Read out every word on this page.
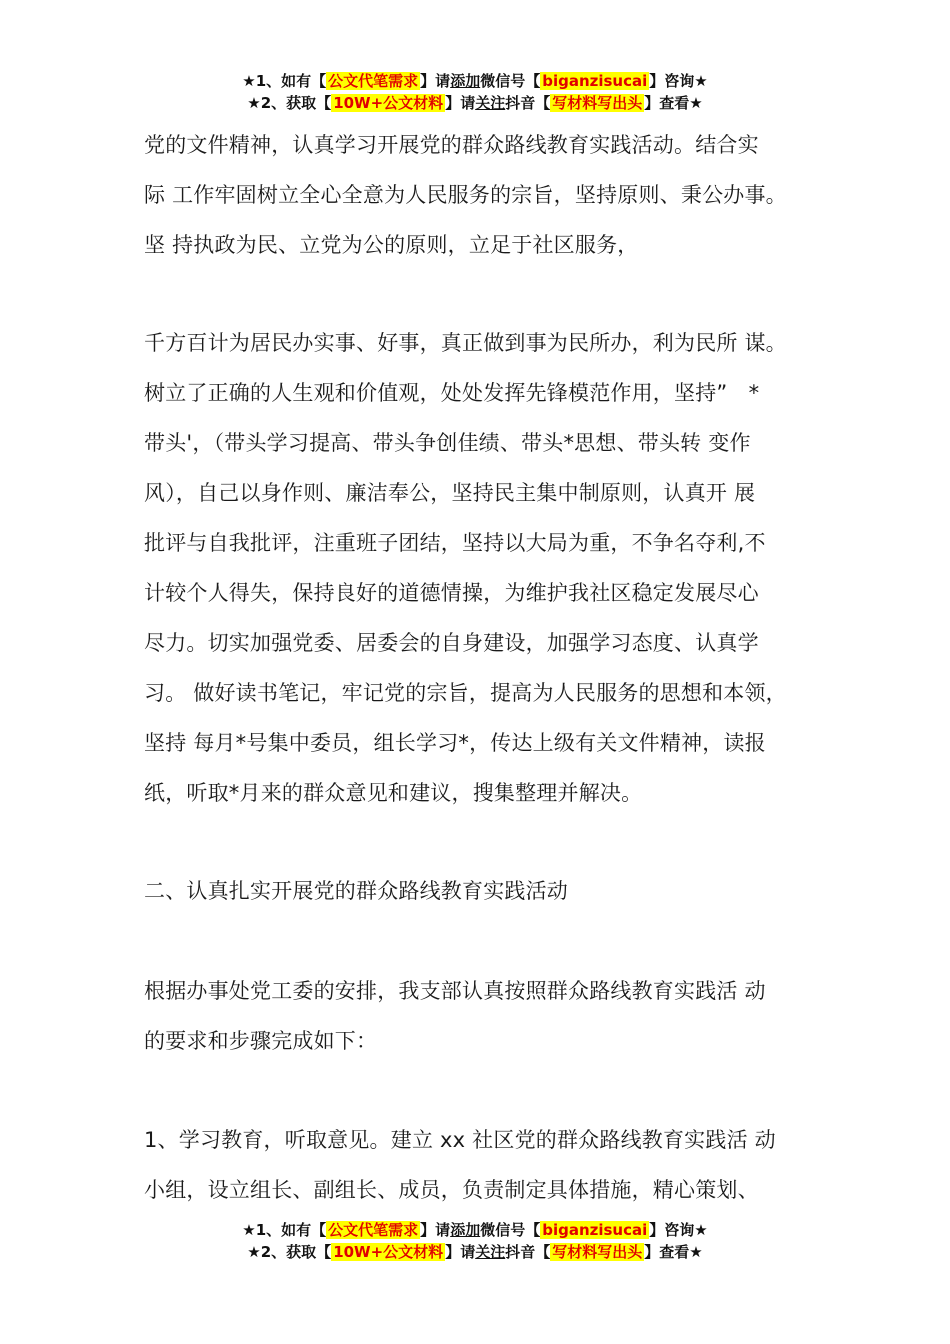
★1、如有【 公文代笔需求 】请添加微信号【 biganzisucai 】咨询★
★2、获取【 10W+公文材料 】请关注抖音【 写材料写出头 】查看★

党的文件精神，认真学习开展党的群众路线教育实践活动。结合实

际 工作牢固树立全心全意为人民服务的宗旨，坚持原则、秉公办事。

坚 持执政为民、立党为公的原则，立足于社区服务，

千方百计为居民办实事、好事，真正做到事为民所办，利为民所 谋。

树立了正确的人生观和价值观，处处发挥先锋模范作用，坚持”　*

带头'，（带头学习提高、带头争创佳绩、带头*思想、带头转 变作

风），自己以身作则、廉洁奉公，坚持民主集中制原则，认真开 展

批评与自我批评，注重班子团结，坚持以大局为重，不争名夺利,不

计较个人得失，保持良好的道德情操，为维护我社区稳定发展尽心

尽力。切实加强党委、居委会的自身建设，加强学习态度、认真学

习。 做好读书笔记，牢记党的宗旨，提高为人民服务的思想和本领，

坚持 每月*号集中委员，组长学习*，传达上级有关文件精神，读报

纸，听取*月来的群众意见和建议，搜集整理并解决。

二、认真扎实开展党的群众路线教育实践活动

根据办事处党工委的安排，我支部认真按照群众路线教育实践活 动

的要求和步骤完成如下：

1、学习教育，听取意见。建立 xx 社区党的群众路线教育实践活 动

小组，设立组长、副组长、成员，负责制定具体措施，精心策划、

★1、如有【 公文代笔需求 】请添加微信号【 biganzisucai 】咨询★
★2、获取【 10W+公文材料 】请关注抖音【 写材料写出头 】查看★
